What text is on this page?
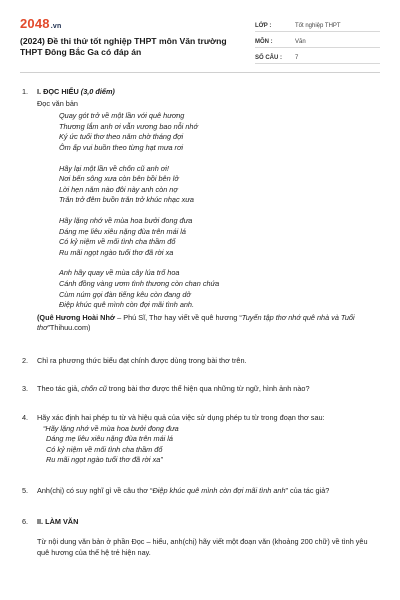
2048.vn
(2024) Đề thi thử tốt nghiệp THPT môn Văn trường THPT Đông Bắc Ga có đáp án
LỚP :	Tốt nghiệp THPT
MÔN :	Văn
SỐ CÂU :	7
1.	I. ĐỌC HIỂU (3,0 điểm)
Đọc văn bản
Quay gót trở về một lần với quê hương
Thương lắm anh ơi vẫn vương bao nỗi nhớ
Ký ức tuổi thơ theo năm chờ tháng đợi
Ôm ấp vui buồn theo từng hạt mưa rơi
Hãy lại một lần về chốn cũ anh ơi!
Nơi bến sông xưa còn bên bồi bên lở
Lời hẹn năm nào đôi này anh còn nợ
Trăn trở đêm buồn trăn trở khúc nhạc xưa
Hãy lặng nhớ về mùa hoa bưởi đong đưa
Dáng mẹ liêu xiêu nặng đùa trên mái lá
Có kỷ niệm về mối tình cha thầm đổ
Ru mãi ngọt ngào tuổi thơ đã rời xa
Anh hãy quay về mùa cây lúa trổ hoa
Cánh đồng vàng ươm tình thương còn chan chứa
Cùm núm gọi đàn tiếng kêu còn đang dở
Điệp khúc quê mình còn đợi mãi tình anh.
(Quê Hương Hoài Nhớ – Phú Sĩ, Thơ hay viết về quê hương “Tuyển tập thơ nhớ quê nhà và Tuổi thơ”Thihuu.com)
2.	Chỉ ra phương thức biểu đạt chính được dùng trong bài thơ trên.
3.	Theo tác giả, chốn cũ trong bài thơ được thể hiện qua những từ ngữ, hình ảnh nào?
4.	Hãy xác định hai phép tu từ và hiệu quả của việc sử dụng phép tu từ trong đoạn thơ sau:
“Hãy lặng nhớ về mùa hoa bưởi đong đưa
Dáng mẹ liêu xiêu nặng đùa trên mái lá
Có kỷ niệm về mối tình cha thầm đổ
Ru mãi ngọt ngào tuổi thơ đã rời xa”
5.	Anh(chị) có suy nghĩ gì về câu thơ “Điệp khúc quê mình còn đợi mãi tình anh” của tác giả?
6.	II. LÀM VĂN
Từ nội dung văn bản ở phần Đọc – hiểu, anh(chị) hãy viết một đoạn văn (khoảng 200 chữ) về tình yêu quê hương của thế hệ trẻ hiện nay.
